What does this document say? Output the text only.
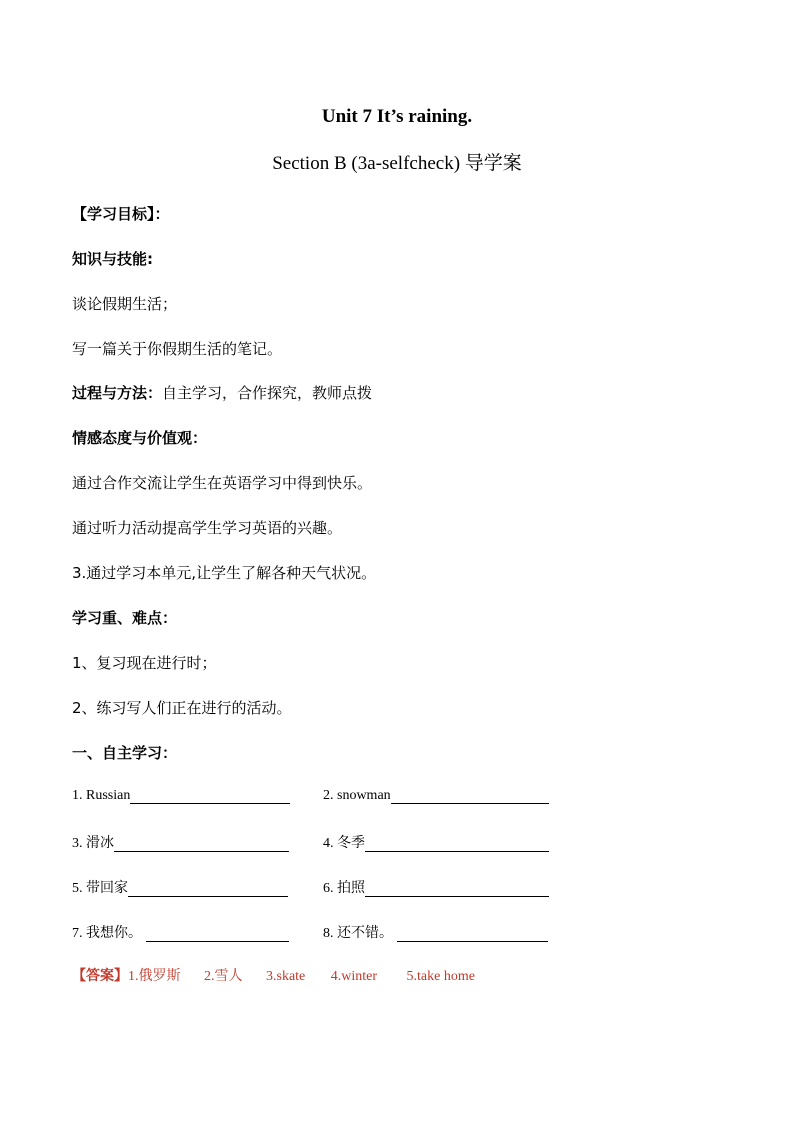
Unit 7 It’s raining.
Section B (3a-selfcheck) 导学案
【学习目标】：
知识与技能:
谈论假期生活；
写一篇关于你假期生活的笔记。
过程与方法：自主学习，合作探究，教师点拨
情感态度与价值观：
通过合作交流让学生在英语学习中得到快乐。
通过听力活动提高学生学习英语的兴趣。
3.通过学习本单元,让学生了解各种天气状况。
学习重、难点：
1、复习现在进行时；
2、练习写人们正在进行的活动。
一、自主学习：
1. Russian	2. snowman
3. 滑冰	4. 冬季
5. 带回家	6. 拍照
7. 我想你。	8. 还不错。
【答案】1.俄罗斯 2.雪人 3.skate 4.winter 5.take home
